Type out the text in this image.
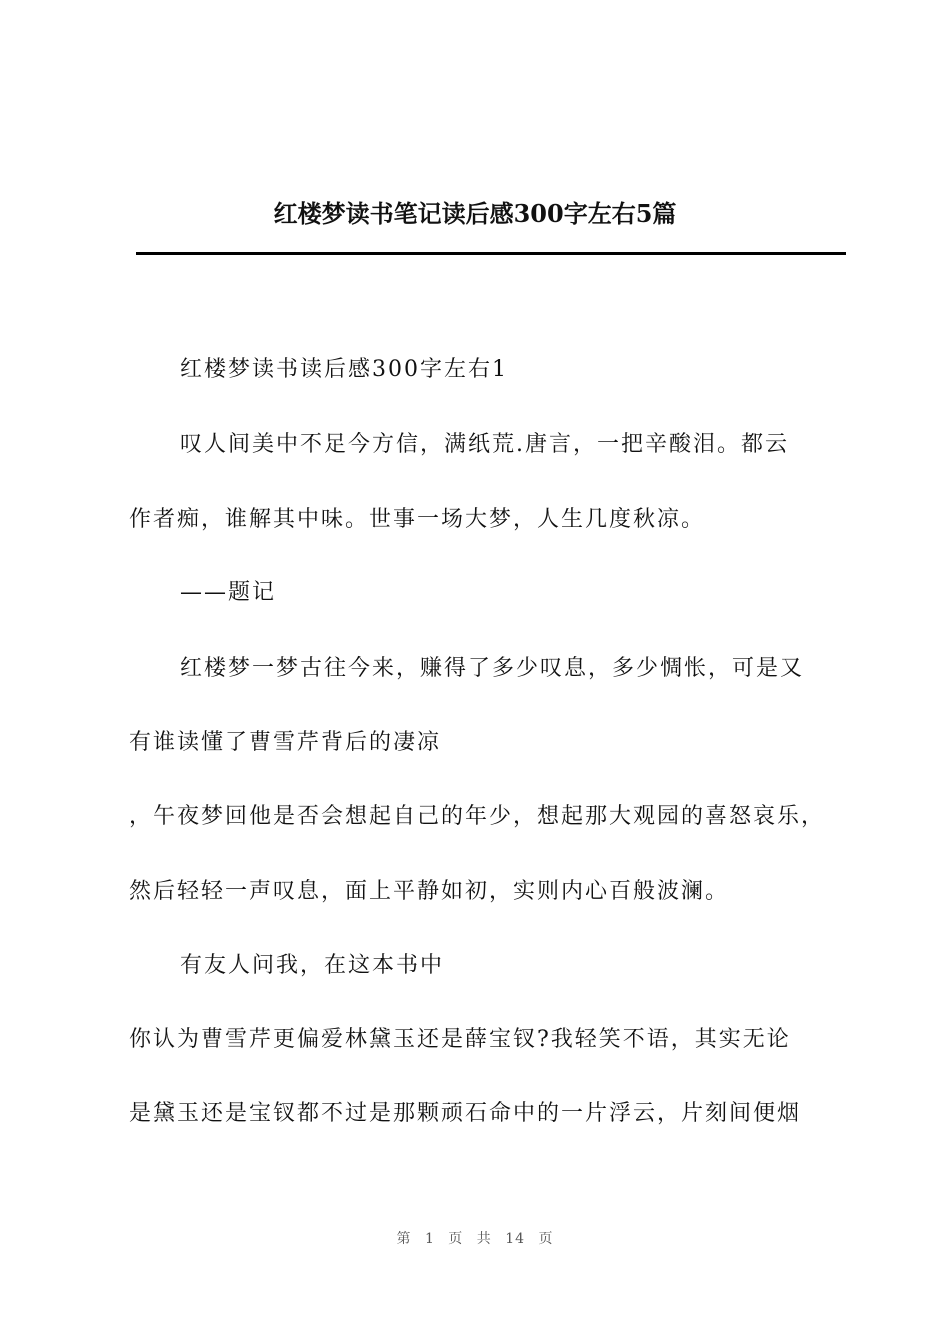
红楼梦读书笔记读后感300字左右5篇
红楼梦读书读后感300字左右1
叹人间美中不足今方信，满纸荒.唐言，一把辛酸泪。都云
作者痴，谁解其中味。世事一场大梦，人生几度秋凉。
——题记
红楼梦一梦古往今来，赚得了多少叹息，多少惆怅，可是又
有谁读懂了曹雪芹背后的凄凉
，午夜梦回他是否会想起自己的年少，想起那大观园的喜怒哀乐，
然后轻轻一声叹息，面上平静如初，实则内心百般波澜。
有友人问我，在这本书中
你认为曹雪芹更偏爱林黛玉还是薛宝钗?我轻笑不语，其实无论
是黛玉还是宝钗都不过是那颗顽石命中的一片浮云，片刻间便烟
第 1 页 共 14 页
